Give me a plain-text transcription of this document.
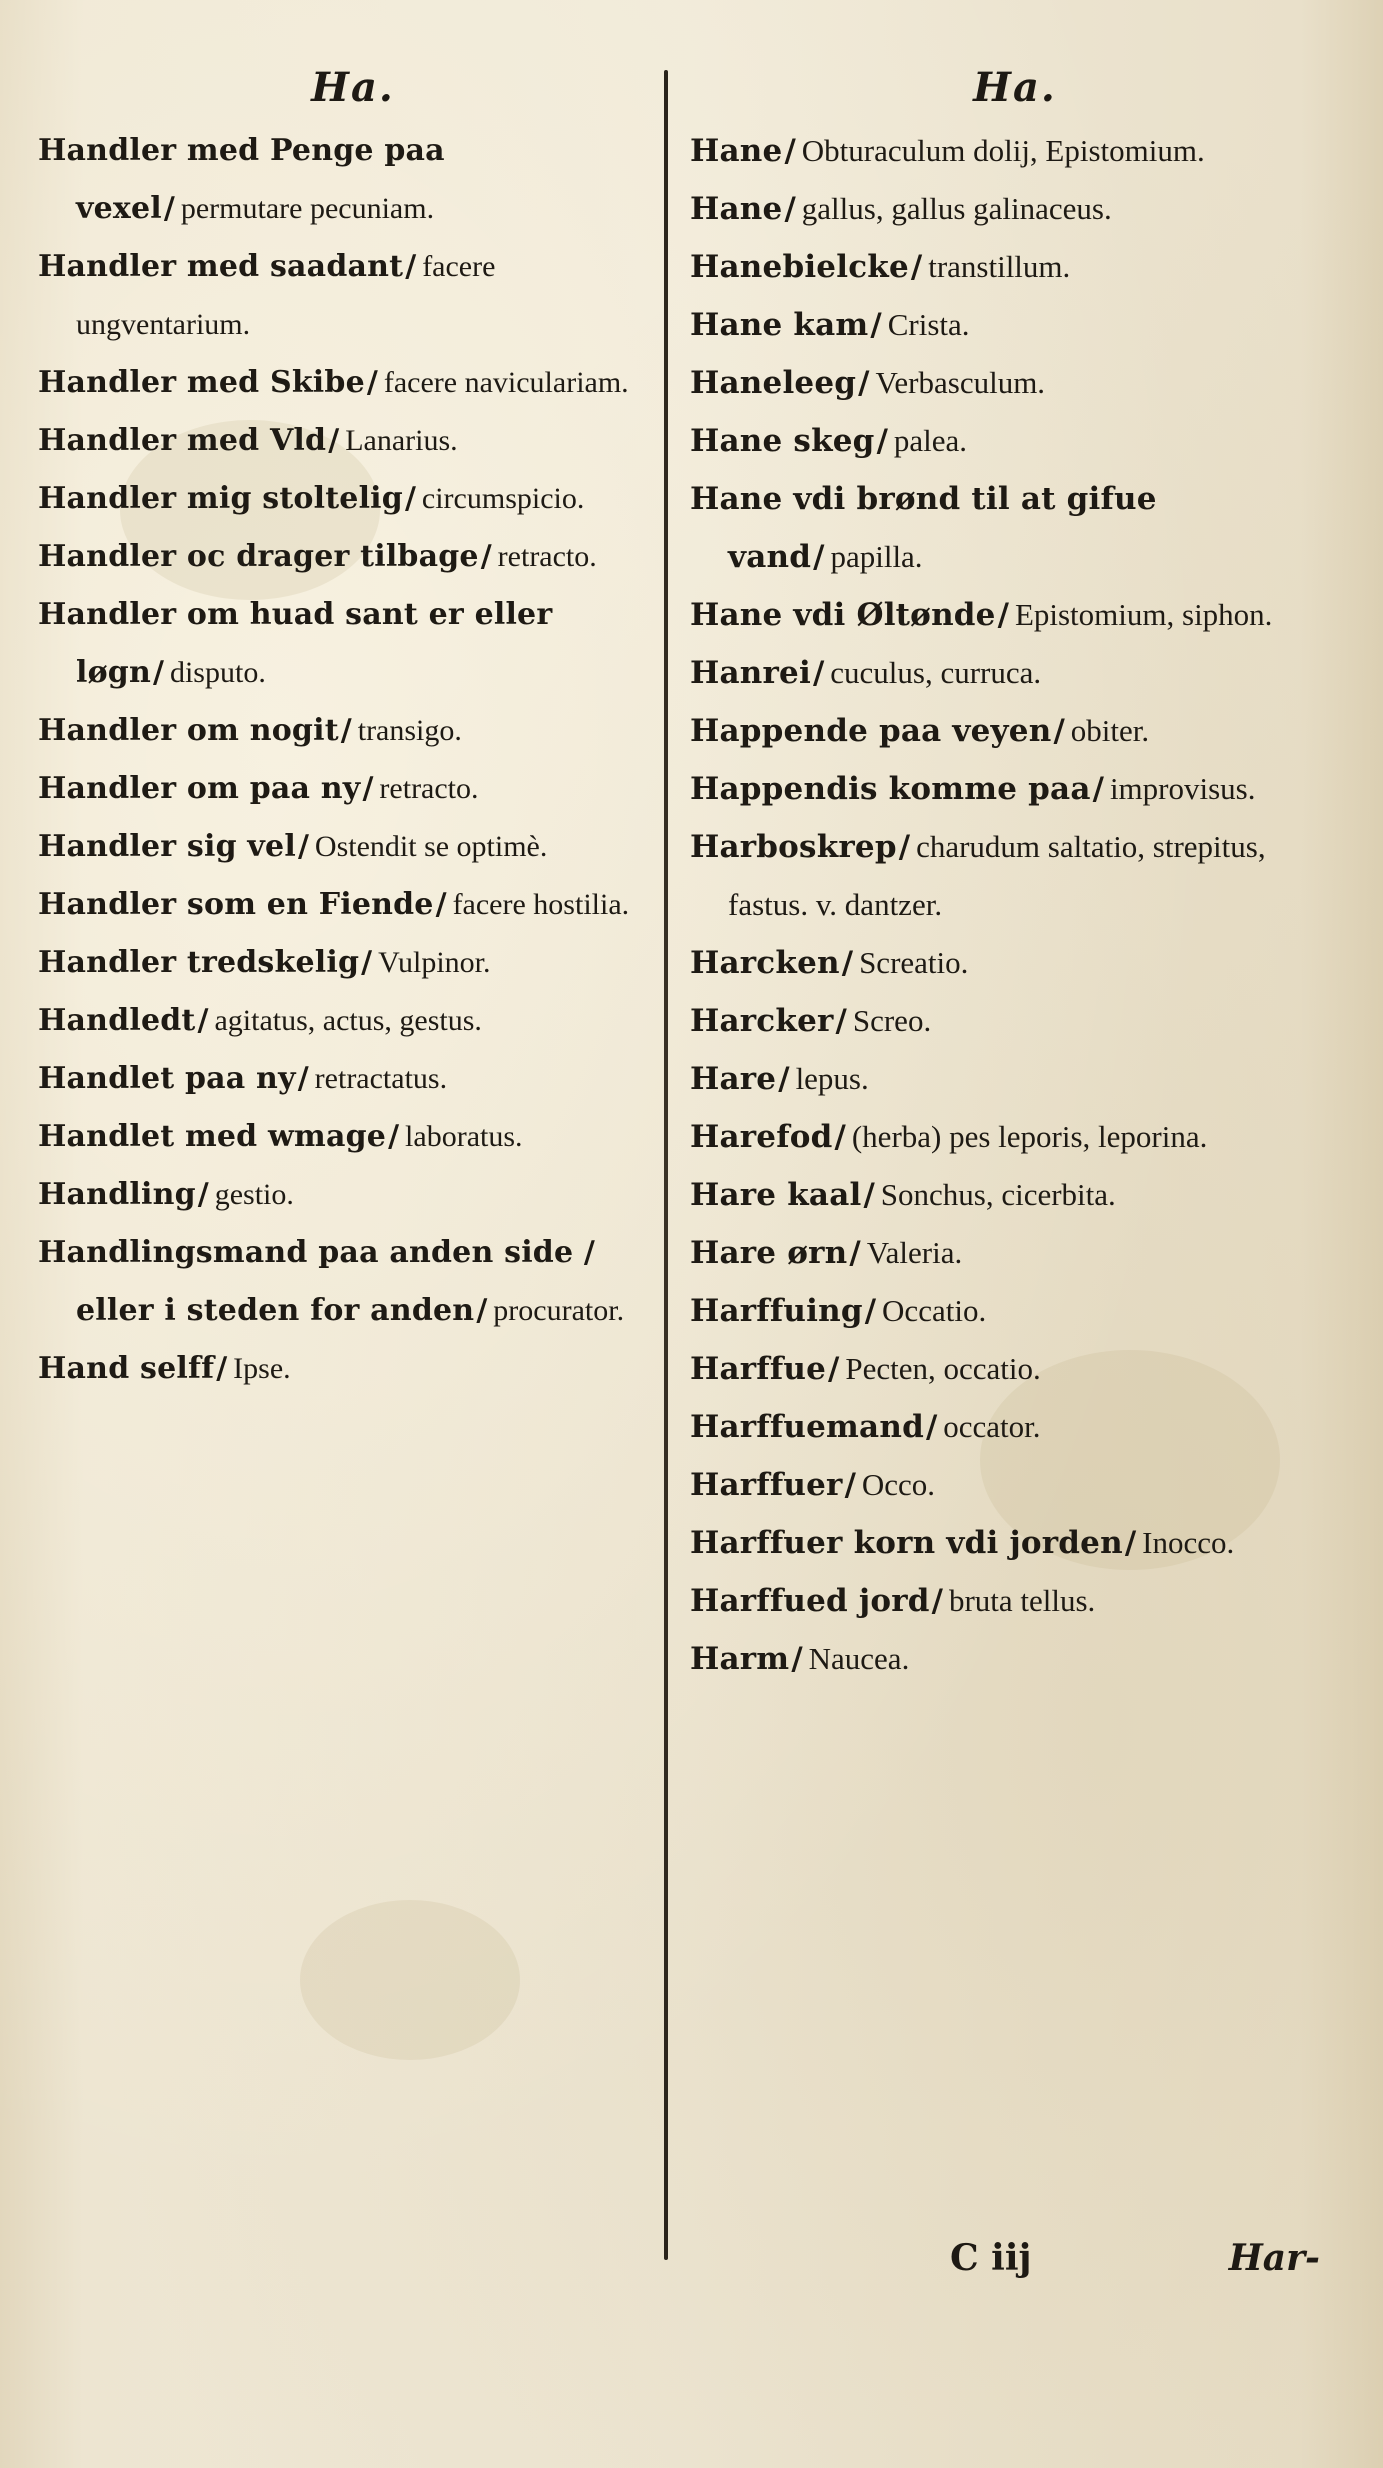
Ha.

Handler med Penge paa vexel/ permutare pecuniam.

Handler med saadant/ facere ungventarium.

Handler med Skibe/ facere naviculariam.

Handler med Vld/ Lanarius.

Handler mig stoltelig/ circumspicio.

Handler oc drager tilbage/ retracto.

Handler om huad sant er eller løgn/ disputo.

Handler om nogit/ transigo.

Handler om paa ny/ retracto.

Handler sig vel/ Ostendit se optimè.

Handler som en Fiende/ facere hostilia.

Handler tredskelig/ Vulpinor.

Handledt/ agitatus, actus, gestus.

Handlet paa ny/ retractatus.

Handlet med wmage/ laboratus.

Handling/ gestio.

Handlingsmand paa anden side / eller i steden for anden/ procurator.

Hand selff/ Ipse.

Ha.

Hane/ Obturaculum dolij, Epistomium.

Hane/ gallus, gallus galinaceus.

Hanebielcke/ transtillum.

Hane kam/ Crista.

Haneleeg/ Verbasculum.

Hane skeg/ palea.

Hane vdi brønd til at gifue vand/ papilla.

Hane vdi Øltønde/ Epistomium, siphon.

Hanrei/ cuculus, curruca.

Happende paa veyen/ obiter.

Happendis komme paa/ improvisus.

Harboskrep/ charudum saltatio, strepitus, fastus. v. dantzer.

Harcken/ Screatio.

Harcker/ Screo.

Hare/ lepus.

Harefod/ (herba) pes leporis, leporina.

Hare kaal/ Sonchus, cicerbita.

Hare ørn/ Valeria.

Harffuing/ Occatio.

Harffue/ Pecten, occatio.

Harffuemand/ occator.

Harffuer/ Occo.

Harffuer korn vdi jorden/ Inocco.

Harffued jord/ bruta tellus.

Harm/ Naucea.

C iij	Har-
